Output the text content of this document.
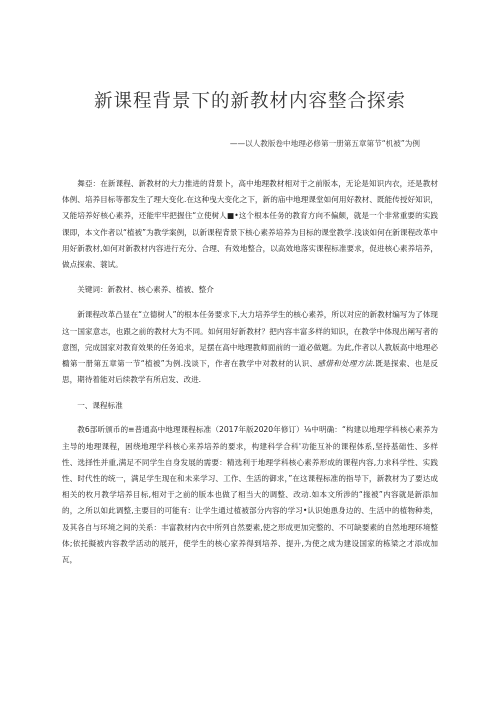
新课程背景下的新教材内容整合探索
——以人教版卷中地理必修第一册第五章第节“机被”为例

舞亞：在新课程、新教材的大力推进的背景卜，高中地理教材相对于之前版本，无论是知识内衣，还是教材体例、培养目标等都发生了理大变化.在这种曳大变化之下，新的庙中地理课堂如何用好教材、既能传授好知识，又能培养好核心素养，还能牢牢把握住“立使树人■•这个根本任务的教育方向不偏颇，就是一个非常重要的实践课即，本文作者以“植被”为教学案例，以新课程背景下核心素养培养为目标的课堂教学.浅谈如何在新课程改革中用好新教材,如何对新教材内容进行充分、合理、有效地整合，以高效地落实课程标准要求，促进核心素养培养，做点探索、蓑试。

关键词：新教材、核心素养、植被、整介

新课程改革凸显在“立德树人”的根本任务要求下,大力培养学生的核心素养，所以对应的新教材编写为了体现这一国家意志，也跟之前的教材大为不同。如何用好新教材？把内容丰富多样的知识，在教学中体现出阐写者的意图，完成国家对教育效果的任务追求，足摆在高中地理教师面前的一道必做题。为此,作者以人教版高中地理必橢第一册第五章第一节“植被”为例.浅谈下，作者在教学中对教材的认识、感惜和处理方法.既是探索、也是反思，期待着能对后续教学有所启发、改进.

一、课程标准

教6部昕颁币的≡普通高中地理课程标准（2017年版2020年修订）⅛中明确：“构建以地理学科核心素养为主导的地理课程，困绕地理学科核心来养培养的要求，构建科学合科'功能互补的课程体系,坚持基础性、多样性、选择性并重,满足不同学生自身发展的需要：精选利于地理学科核心素养形成的课程内容,力求科学性、实践性、时代性的统一，满足学生现在和未来学习、工作、生活的御求，”在这课程标准的指导下，新教材为了要达成相关的枚月教学培养目标,相对于之前的版本也做了相当大的调整、改动.如本文所涉的“掾被”内容就是新添加的，之所以如此调整,主要目的可能有：让学生通过植被部分内容的学习•认识她恿身边的、生活中的植物种类，及其各自与环境之间的关系：丰富教材内衣中所列自然要素,使之形成更加完整的、不可缺要素的自然地理环境整体;依托擬被内容教学活动的展开，使学生的核心家养得到培养、提升,为使之成为建设国家的栋梁之才添成加瓦，
